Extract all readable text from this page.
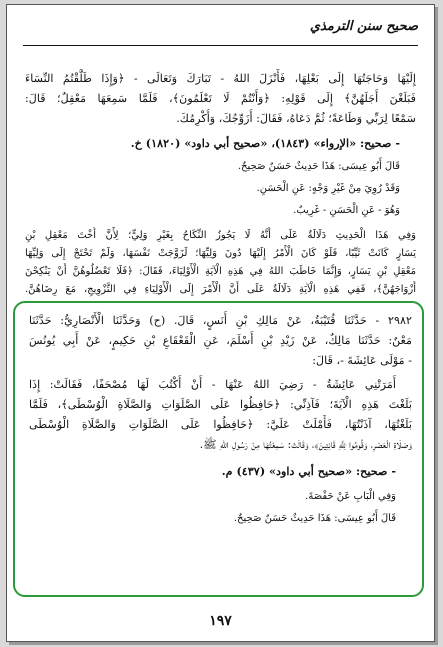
صحيح سنن الترمذي
إِلَيْهَا وَحَاجَتُهَا إِلَى بَعْلِهَا، فَأَنْزَلَ اللهُ - تَبَارَكَ وَتَعَالَى - ﴿وَإِذَا طَلَّقْتُمُ النِّسَاءَ
فَبَلَغْنَ أَجَلَهُنَّ﴾ إِلَى قَوْلِهِ: ﴿وَأَنْتُمْ لَا تَعْلَمُونَ﴾، فَلَمَّا سَمِعَهَا مَعْقِلٌ؛ قَالَ:
سَمْعًا لِرَبِّي وَطَاعَةً؛ ثُمَّ دَعَاهُ، فَقَالَ: أُزَوِّجُكَ، وَأُكْرِمُكَ.
- صحيح: «الإرواء» (١٨٤٣)، «صحيح أبي داود» (١٨٢٠) خ.
قَالَ أَبُو عِيسَى: هَذَا حَدِيثٌ حَسَنٌ صَحِيحٌ.
وَقَدْ رُوِيَ مِنْ غَيْرِ وَجْهٍ: عَنِ الْحَسَنِ.
وَهُوَ - عَنِ الْحَسَنِ - غَرِيبٌ.
وَفِي هَذَا الْحَدِيثِ دَلَالَةٌ عَلَى أَنَّهُ لَا يَجُوزُ النِّكَاحُ بِغَيْرِ وَلِيٍّ؛ لِأَنَّ أُخْتَ مَعْقِلِ بْنِ
يَسَارٍ كَانَتْ ثَيِّبًا، فَلَوْ كَانَ الْأَمْرُ إِلَيْهَا دُونَ وَلِيِّهَا؛ لَزَوَّجَتْ نَفْسَهَا، وَلَمْ تَحْتَجْ إِلَى وَلِيِّهَا
مَعْقِلِ بْنِ يَسَارٍ، وَإِنَّمَا خَاطَبَ اللهُ فِي هَذِهِ الْآيَةِ الْأَوْلِيَاءَ، فَقَالَ: ﴿فَلَا تَعْضُلُوهُنَّ أَنْ يَنْكِحْنَ
أَزْوَاجَهُنَّ﴾، فَفِي هَذِهِ الْآيَةِ دَلَالَةٌ عَلَى أَنَّ الْأَمْرَ إِلَى الْأَوْلِيَاءِ فِي التَّزْوِيجِ، مَعَ رِضَاهُنَّ.
٢٩٨٢ - حَدَّثَنَا قُتَيْبَةُ، عَنْ مَالِكِ بْنِ أَنَسٍ، قَالَ. (ح) وَحَدَّثَنَا الْأَنْصَارِيُّ: حَدَّثَنَا
مَعْنٌ: حَدَّثَنَا مَالِكٌ، عَنْ زَيْدِ بْنِ أَسْلَمَ، عَنِ الْقَعْقَاعِ بْنِ حَكِيمٍ، عَنْ أَبِي يُونُسَ
- مَوْلَى عَائِشَةَ -، قَالَ:
أَمَرَتْنِي عَائِشَةُ - رَضِيَ اللهُ عَنْهَا - أَنْ أَكْتُبَ لَهَا مُصْحَفًا، فَقَالَتْ: إِذَا
بَلَغْتَ هَذِهِ الْآيَةَ؛ فَآذِنِّي: ﴿حَافِظُوا عَلَى الصَّلَوَاتِ وَالصَّلَاةِ الْوُسْطَى﴾، فَلَمَّا
بَلَغْتُهَا، آذَنْتُهَا، فَأَمْلَتْ عَلَيَّ: ﴿حَافِظُوا عَلَى الصَّلَوَاتِ وَالصَّلَاةِ الْوُسْطَى
وَصَلَاةِ الْعَصْرِ، وَقُومُوا لِلَّهِ قَانِتِينَ﴾، وَقَالَتْ: سَمِعْتُهَا مِنْ رَسُولِ اللهِ ﷺ.
- صحيح: «صحيح أبي داود» (٤٣٧) م.
وَفِي الْبَابِ عَنْ حَفْصَةَ.
قَالَ أَبُو عِيسَى: هَذَا حَدِيثٌ حَسَنٌ صَحِيحٌ.
١٩٧
